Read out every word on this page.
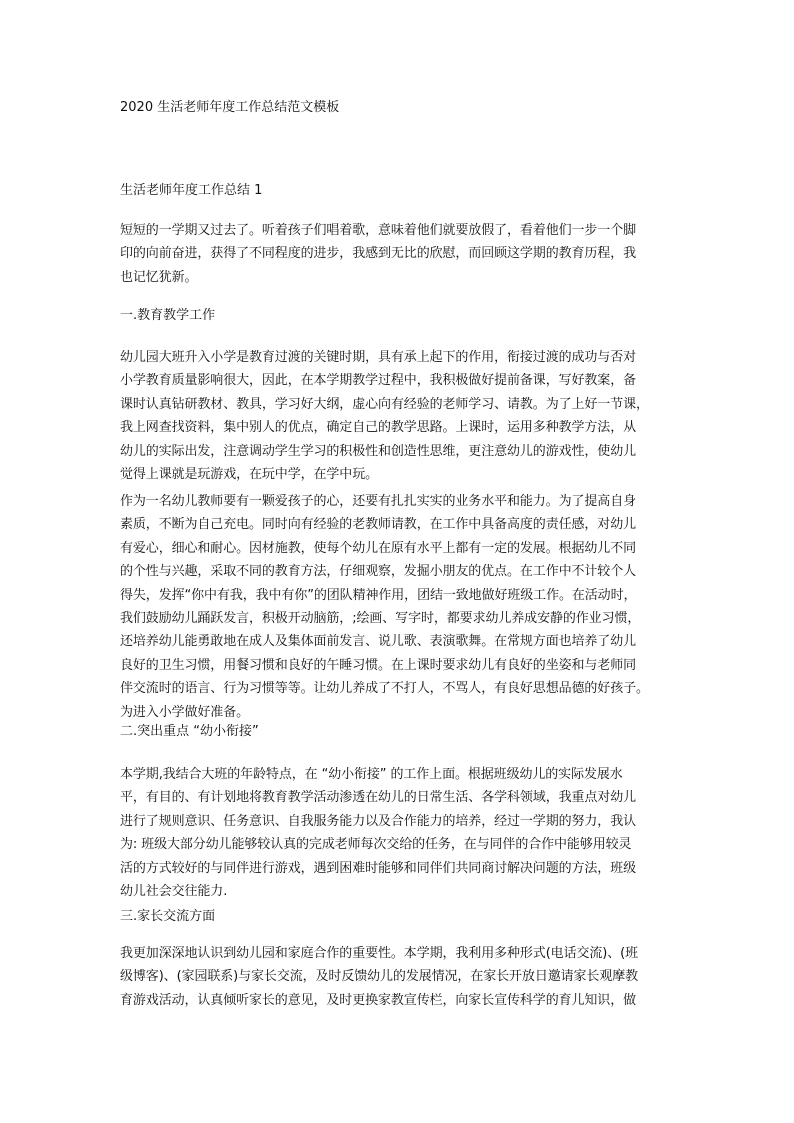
2020 生活老师年度工作总结范文模板
生活老师年度工作总结 1
短短的一学期又过去了。听着孩子们唱着歌，意味着他们就要放假了，看着他们一步一个脚
印的向前奋进，获得了不同程度的进步，我感到无比的欣慰，而回顾这学期的教育历程，我
也记忆犹新。
一.教育教学工作
幼儿园大班升入小学是教育过渡的关键时期，具有承上起下的作用，衔接过渡的成功与否对
小学教育质量影响很大，因此，在本学期教学过程中，我积极做好提前备课，写好教案，备
课时认真钻研教材、教具，学习好大纲，虚心向有经验的老师学习、请教。为了上好一节课，
我上网查找资料，集中别人的优点，确定自己的教学思路。上课时，运用多种教学方法，从
幼儿的实际出发，注意调动学生学习的积极性和创造性思维，更注意幼儿的游戏性，使幼儿
觉得上课就是玩游戏，在玩中学，在学中玩。
作为一名幼儿教师要有一颗爱孩子的心，还要有扎扎实实的业务水平和能力。为了提高自身
素质，不断为自己充电。同时向有经验的老教师请教，在工作中具备高度的责任感，对幼儿
有爱心，细心和耐心。因材施教，使每个幼儿在原有水平上都有一定的发展。根据幼儿不同
的个性与兴趣，采取不同的教育方法，仔细观察，发掘小朋友的优点。在工作中不计较个人
得失，发挥“你中有我，我中有你”的团队精神作用，团结一致地做好班级工作。在活动时，
我们鼓励幼儿踊跃发言，积极开动脑筋，;绘画、写字时，都要求幼儿养成安静的作业习惯，
还培养幼儿能勇敢地在成人及集体面前发言、说儿歌、表演歌舞。在常规方面也培养了幼儿
良好的卫生习惯，用餐习惯和良好的午睡习惯。在上课时要求幼儿有良好的坐姿和与老师同
伴交流时的语言、行为习惯等等。让幼儿养成了不打人，不骂人，有良好思想品德的好孩子。
为进入小学做好准备。
二.突出重点 “幼小衔接”
本学期,我结合大班的年龄特点，在 “幼小衔接” 的工作上面。根据班级幼儿的实际发展水
平，有目的、有计划地将教育教学活动渗透在幼儿的日常生活、各学科领域，我重点对幼儿
进行了规则意识、任务意识、自我服务能力以及合作能力的培养，经过一学期的努力，我认
为: 班级大部分幼儿能够较认真的完成老师每次交给的任务，在与同伴的合作中能够用较灵
活的方式较好的与同伴进行游戏，遇到困难时能够和同伴们共同商讨解决问题的方法，班级
幼儿社会交往能力.
三.家长交流方面
我更加深深地认识到幼儿园和家庭合作的重要性。本学期，我利用多种形式(电话交流)、(班
级博客)、(家园联系)与家长交流，及时反馈幼儿的发展情况，在家长开放日邀请家长观摩教
育游戏活动，认真倾听家长的意见，及时更换家教宣传栏，向家长宣传科学的育儿知识，做
